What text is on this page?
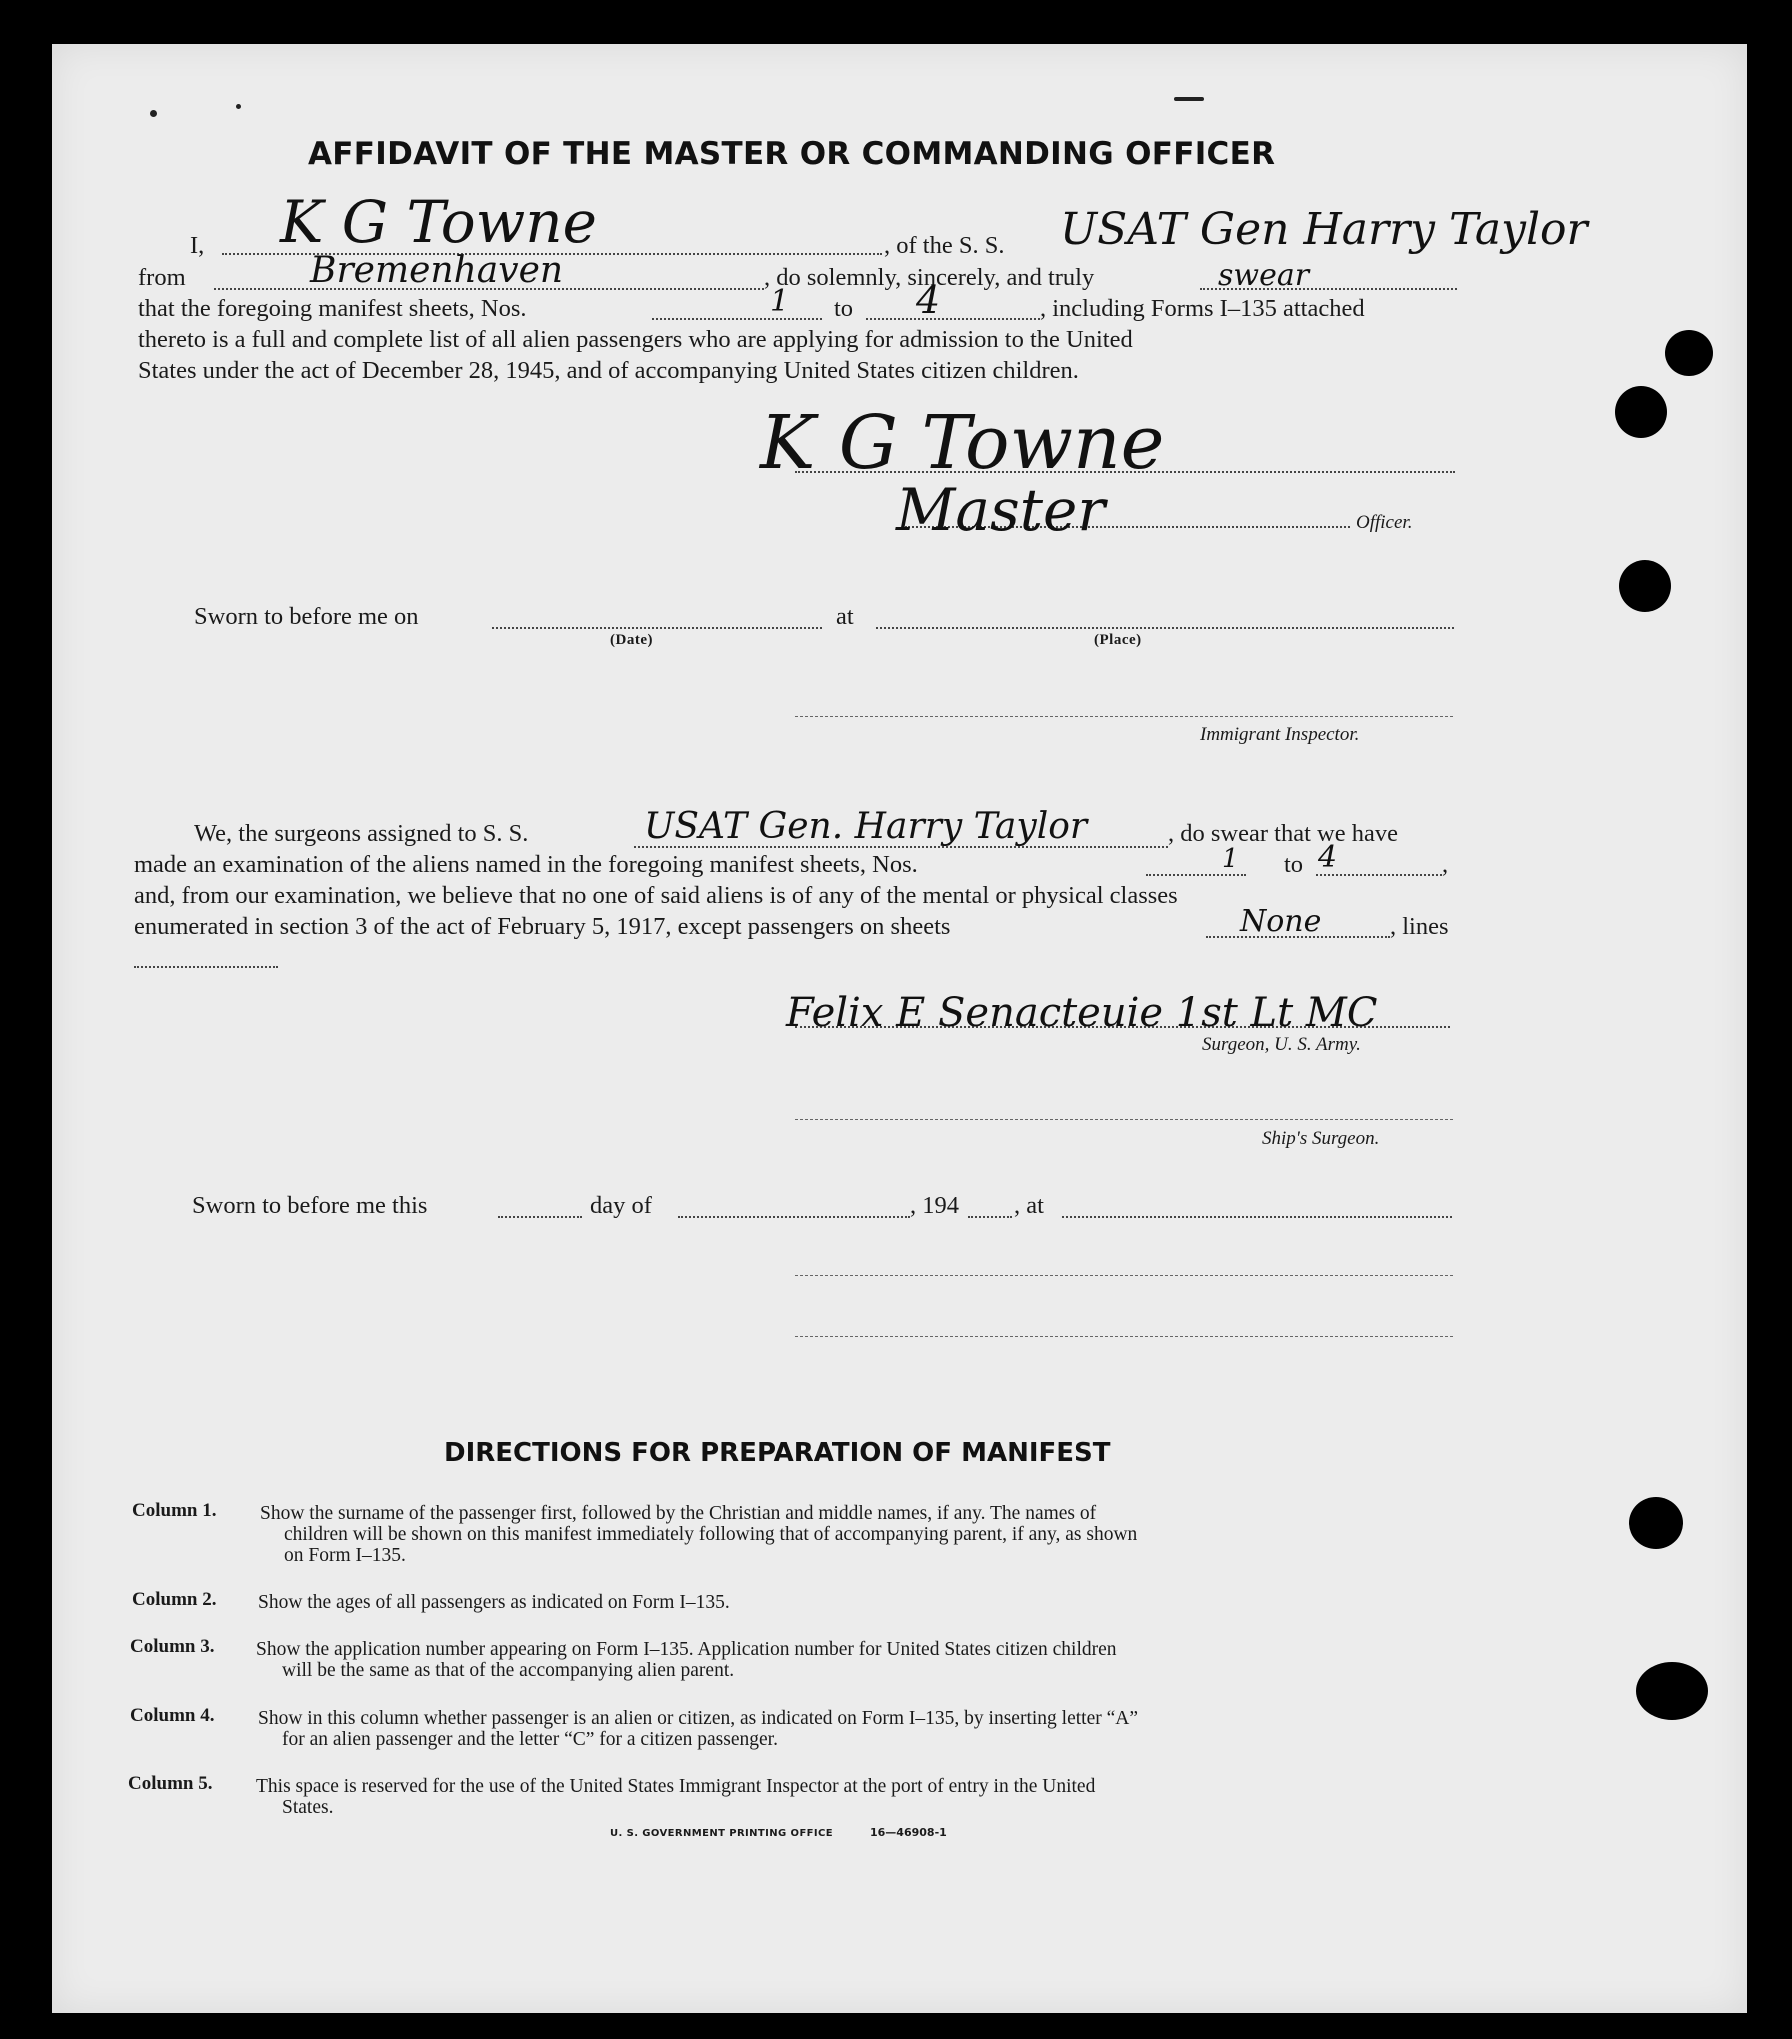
AFFIDAVIT OF THE MASTER OR COMMANDING OFFICER
I, K G Towne	, of the S. S. USAT Gen Harry Taylor
from	Bremenhaven	, do solemnly, sincerely, and truly	swear
that the foregoing manifest sheets, Nos.	1 to 4	, including Forms I–135 attached
thereto is a full and complete list of all alien passengers who are applying for admission to the United
States under the act of December 28, 1945, and of accompanying United States citizen children.
K G Towne
Master	Officer.
Sworn to before me on	at
(Date)	(Place)
Immigrant Inspector.
We, the surgeons assigned to S. S.	USAT Gen. Harry Taylor	, do swear that we have
made an examination of the aliens named in the foregoing manifest sheets, Nos.	1 to 4	,
and, from our examination, we believe that no one of said aliens is of any of the mental or physical classes
enumerated in section 3 of the act of February 5, 1917, except passengers on sheets	None	, lines
Felix E Senacteuie 1st Lt MC
Surgeon, U. S. Army.
Ship's Surgeon.
Sworn to before me this	day of	, 194 , at
DIRECTIONS FOR PREPARATION OF MANIFEST
Column 1. Show the surname of the passenger first, followed by the Christian and middle names, if any. The names of
children will be shown on this manifest immediately following that of accompanying parent, if any, as shown
on Form I–135.
Column 2. Show the ages of all passengers as indicated on Form I–135.
Column 3. Show the application number appearing on Form I–135. Application number for United States citizen children
will be the same as that of the accompanying alien parent.
Column 4. Show in this column whether passenger is an alien or citizen, as indicated on Form I–135, by inserting letter “A”
for an alien passenger and the letter “C” for a citizen passenger.
Column 5. This space is reserved for the use of the United States Immigrant Inspector at the port of entry in the United
States.
U. S. GOVERNMENT PRINTING OFFICE	16—46908-1
